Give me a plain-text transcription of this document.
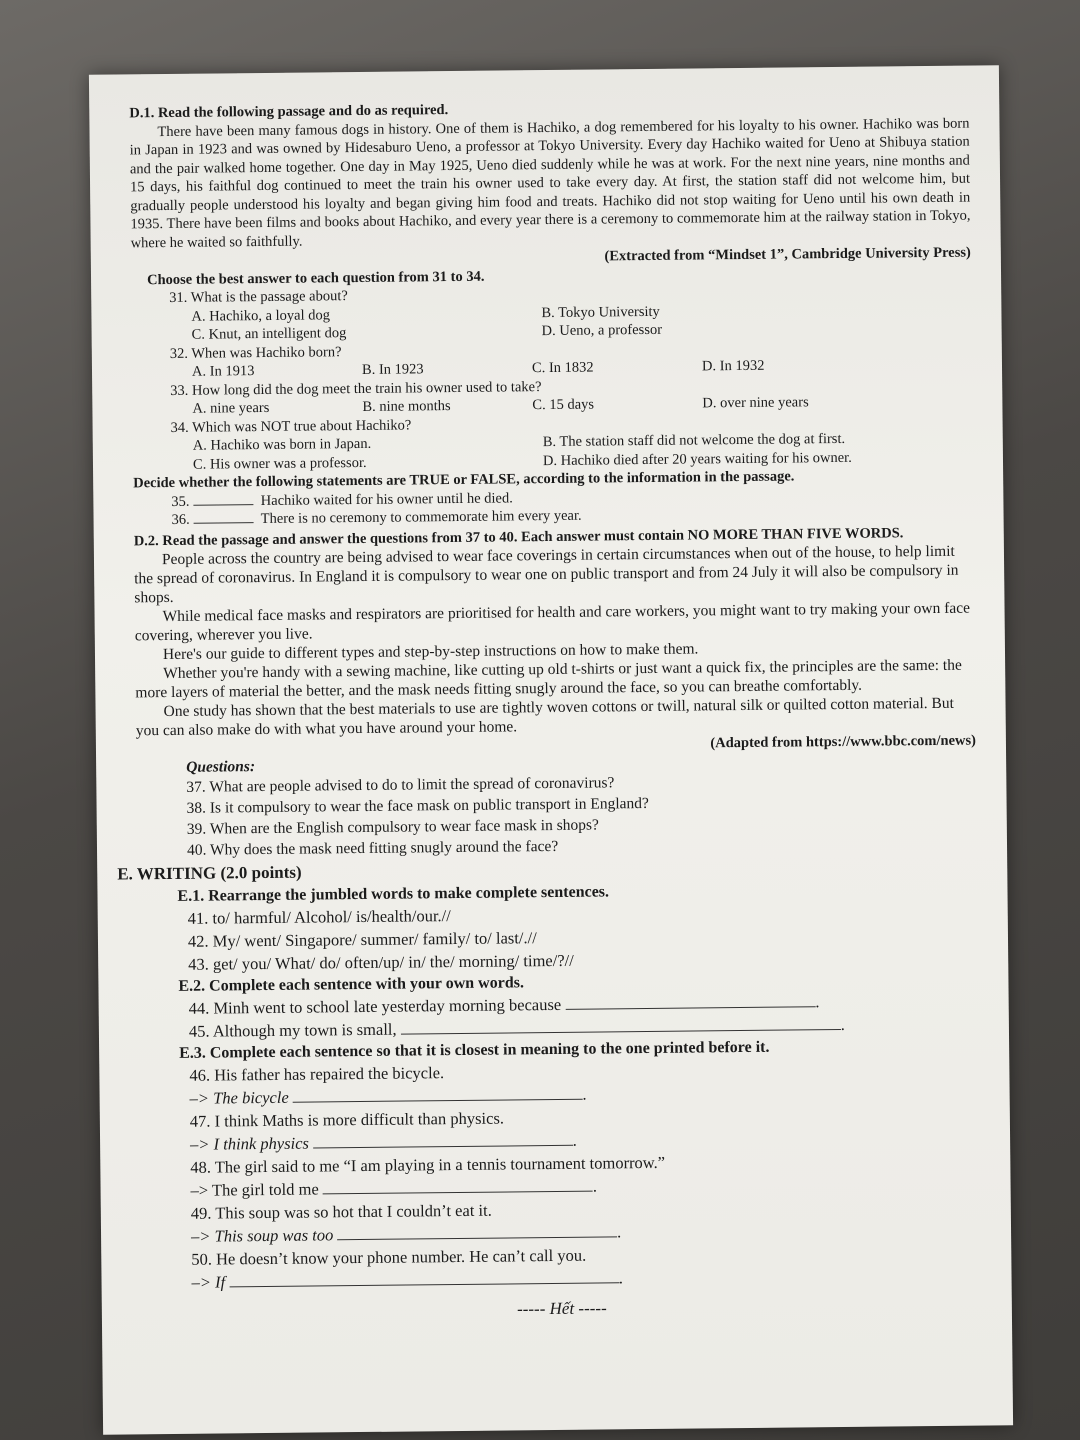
D.1. Read the following passage and do as required.

There have been many famous dogs in history. One of them is Hachiko, a dog remembered for his loyalty to his owner. Hachiko was born in Japan in 1923 and was owned by Hidesaburo Ueno, a professor at Tokyo University. Every day Hachiko waited for Ueno at Shibuya station and the pair walked home together. One day in May 1925, Ueno died suddenly while he was at work. For the next nine years, nine months and 15 days, his faithful dog continued to meet the train his owner used to take every day. At first, the station staff did not welcome him, but gradually people understood his loyalty and began giving him food and treats. Hachiko did not stop waiting for Ueno until his own death in 1935. There have been films and books about Hachiko, and every year there is a ceremony to commemorate him at the railway station in Tokyo, where he waited so faithfully.

(Extracted from “Mindset 1”, Cambridge University Press)

Choose the best answer to each question from 31 to 34.

31. What is the passage about?

A. Hachiko, a loyal dog	B. Tokyo University
C. Knut, an intelligent dog	D. Ueno, a professor

32. When was Hachiko born?

A. In 1913	B. In 1923	C. In 1832	D. In 1932

33. How long did the dog meet the train his owner used to take?

A. nine years	B. nine months	C. 15 days	D. over nine years

34. Which was NOT true about Hachiko?

A. Hachiko was born in Japan.	B. The station staff did not welcome the dog at first.
C. His owner was a professor.	D. Hachiko died after 20 years waiting for his owner.

Decide whether the following statements are TRUE or FALSE, according to the information in the passage.

35.	Hachiko waited for his owner until he died.

36.	There is no ceremony to commemorate him every year.

D.2. Read the passage and answer the questions from 37 to 40. Each answer must contain NO MORE THAN FIVE WORDS.

People across the country are being advised to wear face coverings in certain circumstances when out of the house, to help limit the spread of coronavirus. In England it is compulsory to wear one on public transport and from 24 July it will also be compulsory in shops.

While medical face masks and respirators are prioritised for health and care workers, you might want to try making your own face covering, wherever you live.

Here's our guide to different types and step-by-step instructions on how to make them.

Whether you're handy with a sewing machine, like cutting up old t-shirts or just want a quick fix, the principles are the same: the more layers of material the better, and the mask needs fitting snugly around the face, so you can breathe comfortably.

One study has shown that the best materials to use are tightly woven cottons or twill, natural silk or quilted cotton material. But you can also make do with what you have around your home.

(Adapted from https://www.bbc.com/news)

Questions:

37. What are people advised to do to limit the spread of coronavirus?

38. Is it compulsory to wear the face mask on public transport in England?

39. When are the English compulsory to wear face mask in shops?

40. Why does the mask need fitting snugly around the face?

E. WRITING (2.0 points)

E.1. Rearrange the jumbled words to make complete sentences.

41. to/ harmful/ Alcohol/ is/health/our.//

42. My/ went/ Singapore/ summer/ family/ to/ last/.//

43. get/ you/ What/ do/ often/up/ in/ the/ morning/ time/?//

E.2. Complete each sentence with your own words.

44. Minh went to school late yesterday morning because	.

45. Although my town is small,	.

E.3. Complete each sentence so that it is closest in meaning to the one printed before it.

46. His father has repaired the bicycle.

–> The bicycle	.

47. I think Maths is more difficult than physics.

–> I think physics	.

48. The girl said to me “I am playing in a tennis tournament tomorrow.”

–> The girl told me	.

49. This soup was so hot that I couldn’t eat it.

–> This soup was too	.

50. He doesn’t know your phone number. He can’t call you.

–> If	.

----- Hết -----
